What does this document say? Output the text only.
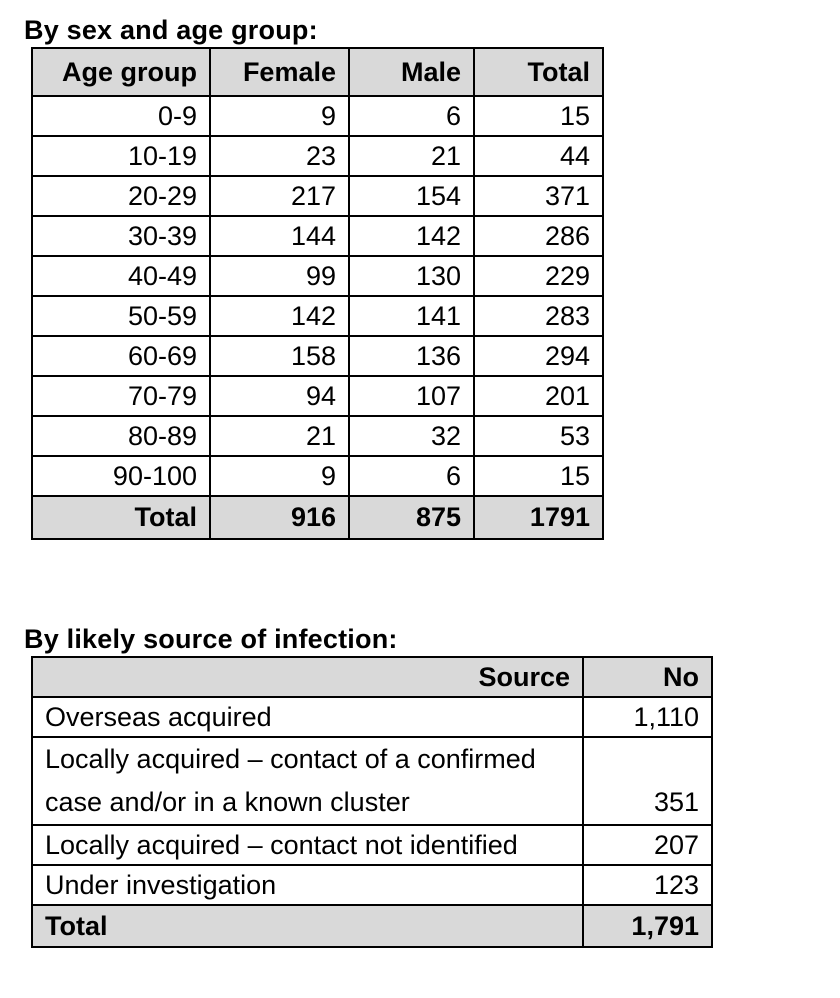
By sex and age group:
Age group	Female	Male	Total
0-9	9	6	15
10-19	23	21	44
20-29	217	154	371
30-39	144	142	286
40-49	99	130	229
50-59	142	141	283
60-69	158	136	294
70-79	94	107	201
80-89	21	32	53
90-100	9	6	15
Total	916	875	1791
By likely source of infection:
Source	No
Overseas acquired	1,110

Locally acquired – contact of a confirmed
case and/or in a known cluster	351
Locally acquired – contact not identified	207
Under investigation	123
Total	1,791
